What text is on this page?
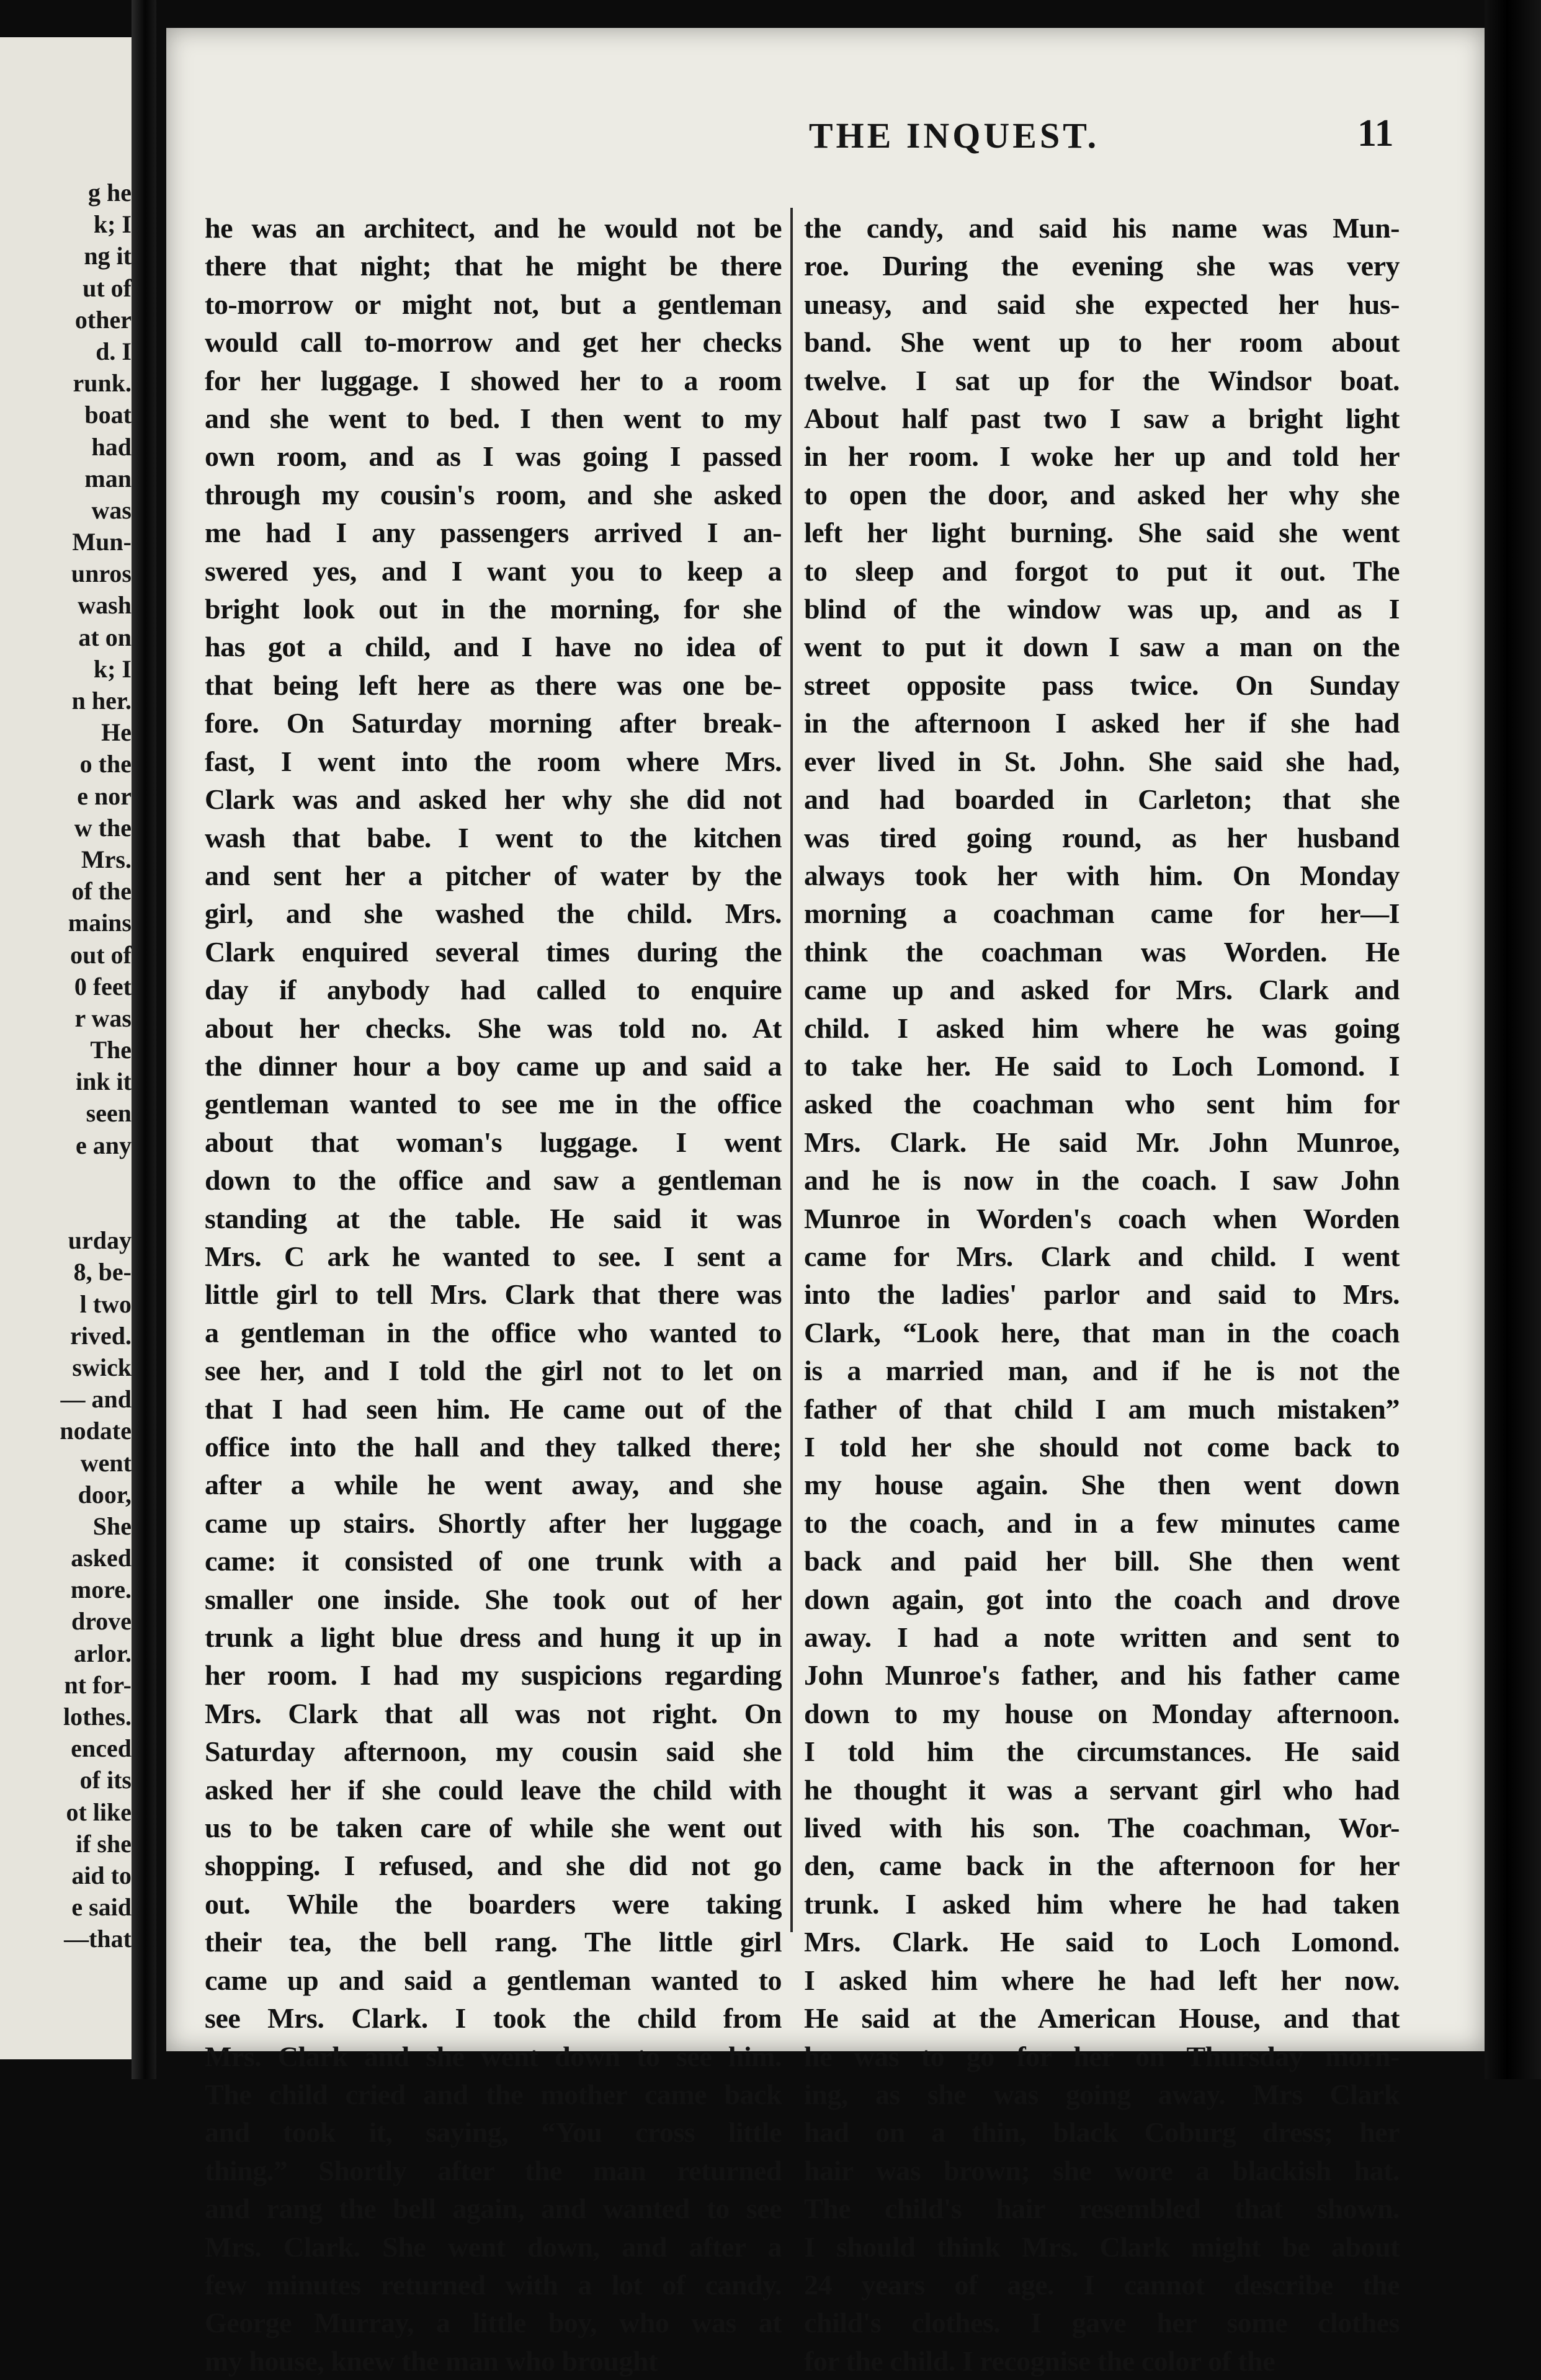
g he
k; I
ng it
ut of
other
d. I
runk.
boat
had
man
was
Mun-
unros
wash
at on
k; I
n her.
He
o the
e nor
w the
Mrs.
of the
mains
out of
0 feet
r was
The
ink it
seen
e any
urday
8, be-
l two
rived.
swick
— and
nodate
went
door,
She
asked
more.
drove
arlor.
nt for-
lothes.
enced
of its
ot like
if she
aid to
e said
—that
THE INQUEST.	11
he was an architect, and he would not be
there that night; that he might be there
to-morrow or might not, but a gentleman
would call to-morrow and get her checks
for her luggage. I showed her to a room
and she went to bed. I then went to my
own room, and as I was going I passed
through my cousin's room, and she asked
me had I any passengers arrived I an-
swered yes, and I want you to keep a
bright look out in the morning, for she
has got a child, and I have no idea of
that being left here as there was one be-
fore. On Saturday morning after break-
fast, I went into the room where Mrs.
Clark was and asked her why she did not
wash that babe. I went to the kitchen
and sent her a pitcher of water by the
girl, and she washed the child. Mrs.
Clark enquired several times during the
day if anybody had called to enquire
about her checks. She was told no. At
the dinner hour a boy came up and said a
gentleman wanted to see me in the office
about that woman's luggage. I went
down to the office and saw a gentleman
standing at the table. He said it was
Mrs. C ark he wanted to see. I sent a
little girl to tell Mrs. Clark that there was
a gentleman in the office who wanted to
see her, and I told the girl not to let on
that I had seen him. He came out of the
office into the hall and they talked there;
after a while he went away, and she
came up stairs. Shortly after her luggage
came: it consisted of one trunk with a
smaller one inside. She took out of her
trunk a light blue dress and hung it up in
her room. I had my suspicions regarding
Mrs. Clark that all was not right. On
Saturday afternoon, my cousin said she
asked her if she could leave the child with
us to be taken care of while she went out
shopping. I refused, and she did not go
out. While the boarders were taking
their tea, the bell rang. The little girl
came up and said a gentleman wanted to
see Mrs. Clark. I took the child from
Mrs. Clark and she went down to see him.
The child cried and the mother came back
and took it, saying, “You cross little
thing.” Shortly after the man returned
and rang the bell again, and wanted to see
Mrs. Clark. She went down, and after a
few minutes returned with a lot of candy.
George Murray, a little boy, who was at
my house, knew the man who brought
the candy, and said his name was Mun-
roe. During the evening she was very
uneasy, and said she expected her hus-
band. She went up to her room about
twelve. I sat up for the Windsor boat.
About half past two I saw a bright light
in her room. I woke her up and told her
to open the door, and asked her why she
left her light burning. She said she went
to sleep and forgot to put it out. The
blind of the window was up, and as I
went to put it down I saw a man on the
street opposite pass twice. On Sunday
in the afternoon I asked her if she had
ever lived in St. John. She said she had,
and had boarded in Carleton; that she
was tired going round, as her husband
always took her with him. On Monday
morning a coachman came for her—I
think the coachman was Worden. He
came up and asked for Mrs. Clark and
child. I asked him where he was going
to take her. He said to Loch Lomond. I
asked the coachman who sent him for
Mrs. Clark. He said Mr. John Munroe,
and he is now in the coach. I saw John
Munroe in Worden's coach when Worden
came for Mrs. Clark and child. I went
into the ladies' parlor and said to Mrs.
Clark, “Look here, that man in the coach
is a married man, and if he is not the
father of that child I am much mistaken”
I told her she should not come back to
my house again. She then went down
to the coach, and in a few minutes came
back and paid her bill. She then went
down again, got into the coach and drove
away. I had a note written and sent to
John Munroe's father, and his father came
down to my house on Monday afternoon.
I told him the circumstances. He said
he thought it was a servant girl who had
lived with his son. The coachman, Wor-
den, came back in the afternoon for her
trunk. I asked him where he had taken
Mrs. Clark. He said to Loch Lomond.
I asked him where he had left her now.
He said at the American House, and that
he was to go for her on Thursday morn-
ing, as she was going away. Mrs Clark
had on a thin, black Coburg dress; her
hair was brown; she wore a blackish hat.
The child's hair resembled that shown.
I should think Mrs. Clark might be about
24 years of age. I cannot describe the
child's clothes. I gave her some clothes
for the child. I recognise the color of the
